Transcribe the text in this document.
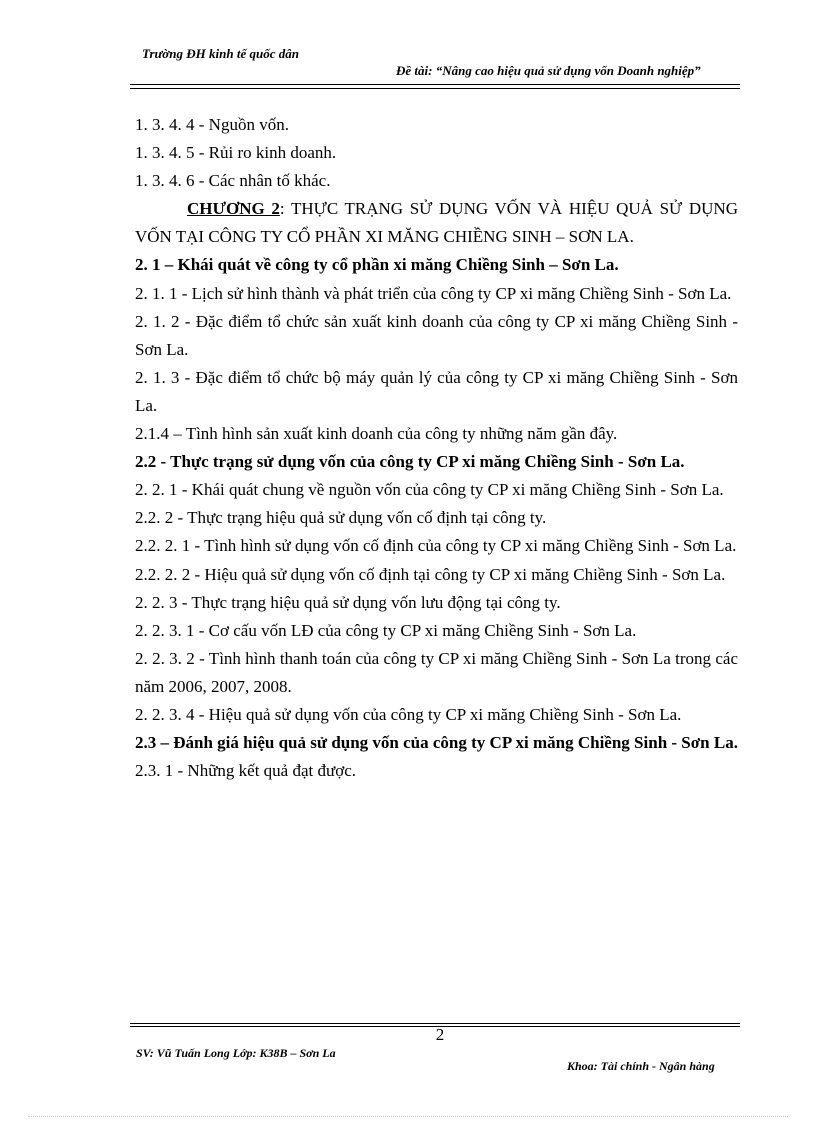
Trường ĐH kinh tế quốc dân
Đề tài: “Nâng cao hiệu quả sử dụng vốn Doanh nghiệp”

1. 3. 4. 4 - Nguồn vốn.

1. 3. 4. 5 - Rủi ro kinh doanh.

1. 3. 4. 6 - Các nhân tố khác.

CHƯƠNG 2: THỰC TRẠNG SỬ DỤNG VỐN VÀ HIỆU QUẢ SỬ DỤNG VỐN TẠI CÔNG TY CỔ PHẦN XI MĂNG CHIỀNG SINH – SƠN LA.

2. 1 – Khái quát về công ty cổ phần xi măng Chiềng Sinh – Sơn La.

2. 1. 1 - Lịch sử hình thành và phát triển của công ty CP xi măng Chiềng Sinh - Sơn La.

2. 1. 2 - Đặc điểm tổ chức sản xuất kinh doanh của công ty CP xi măng Chiềng Sinh - Sơn La.

2. 1. 3 - Đặc điểm tổ chức bộ máy quản lý của công ty CP xi măng Chiềng Sinh - Sơn La.

2.1.4 – Tình hình sản xuất kinh doanh của công ty những năm gần đây.

2.2 - Thực trạng sử dụng vốn của công ty CP xi măng Chiềng Sinh - Sơn La.

2. 2. 1 - Khái quát chung về nguồn vốn của công ty CP xi măng Chiềng Sinh - Sơn La.

2.2. 2 - Thực trạng hiệu quả sử dụng vốn cố định tại công ty.

2.2. 2. 1 - Tình hình sử dụng vốn cố định của công ty CP xi măng Chiềng Sinh - Sơn La.

2.2. 2. 2 - Hiệu quả sử dụng vốn cố định tại công ty CP xi măng Chiềng Sinh - Sơn La.

2. 2. 3 - Thực trạng hiệu quả sử dụng vốn lưu động tại công ty.

2. 2. 3. 1 - Cơ cấu vốn LĐ của công ty CP xi măng Chiềng Sinh - Sơn La.

2. 2. 3. 2 - Tình hình thanh toán của công ty CP xi măng Chiềng Sinh - Sơn La trong các năm 2006, 2007, 2008.

2. 2. 3. 4 - Hiệu quả sử dụng vốn của công ty CP xi măng Chiềng Sinh - Sơn La.

2.3 – Đánh giá hiệu quả sử dụng vốn của công ty CP xi măng Chiềng Sinh - Sơn La.

2.3. 1 - Những kết quả đạt được.

2
SV: Vũ Tuấn Long Lớp: K38B – Sơn La
Khoa: Tài chính - Ngân hàng
